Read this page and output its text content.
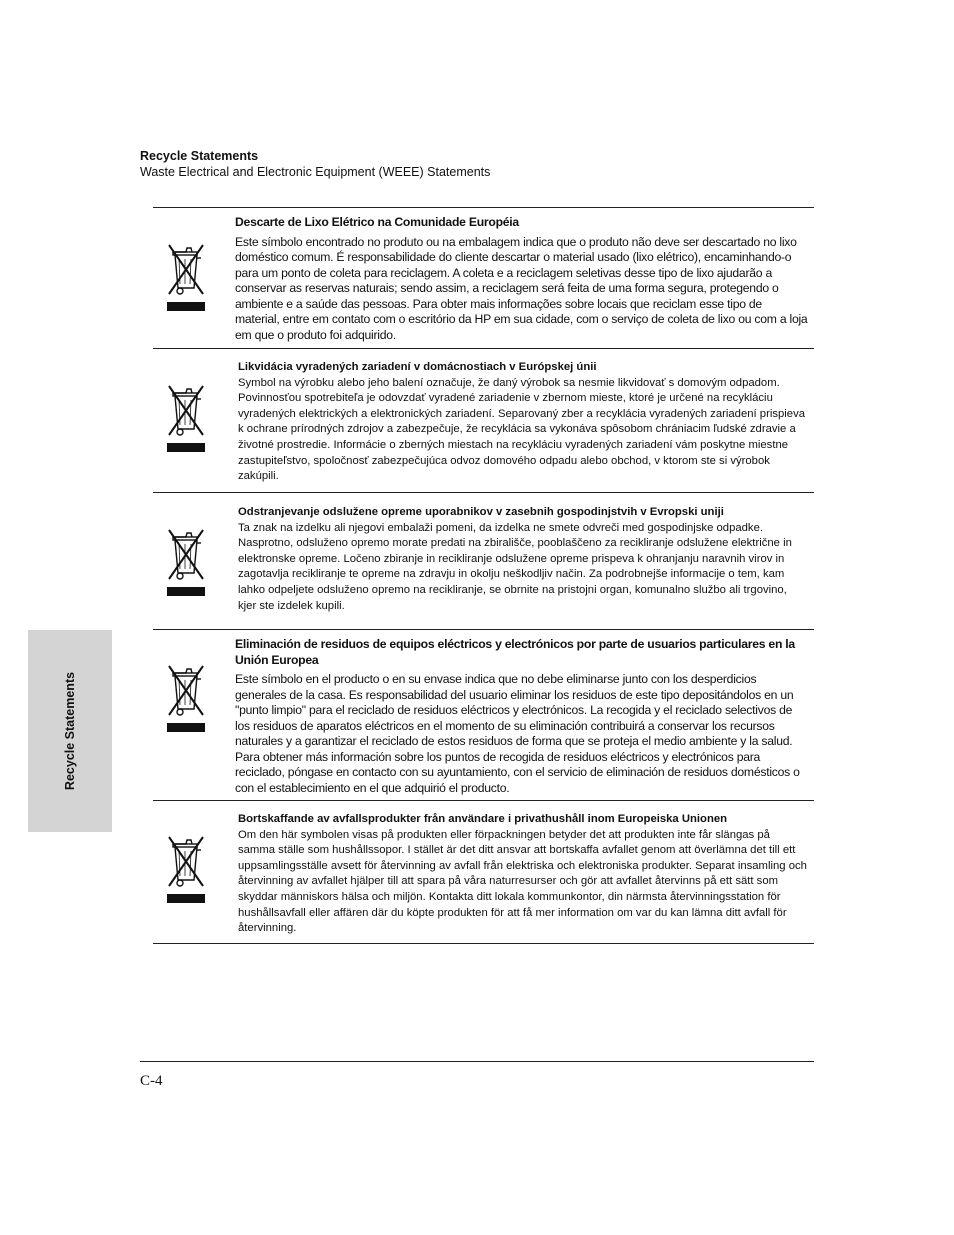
Recycle Statements

Waste Electrical and Electronic Equipment (WEEE) Statements

Recycle Statements

Descarte de Lixo Elétrico na Comunidade Européia

Este símbolo encontrado no produto ou na embalagem indica que o produto não deve ser descartado no lixo doméstico comum. É responsabilidade do cliente descartar o material usado (lixo elétrico), encaminhando-o para um ponto de coleta para reciclagem. A coleta e a reciclagem seletivas desse tipo de lixo ajudarão a conservar as reservas naturais; sendo assim, a reciclagem será feita de uma forma segura, protegendo o ambiente e a saúde das pessoas. Para obter mais informações sobre locais que reciclam esse tipo de material, entre em contato com o escritório da HP em sua cidade, com o serviço de coleta de lixo ou com a loja em que o produto foi adquirido.

Likvidácia vyradených zariadení v domácnostiach v Európskej únii

Symbol na výrobku alebo jeho balení označuje, že daný výrobok sa nesmie likvidovať s domovým odpadom. Povinnosťou spotrebiteľa je odovzdať vyradené zariadenie v zbernom mieste, ktoré je určené na recykláciu vyradených elektrických a elektronických zariadení. Separovaný zber a recyklácia vyradených zariadení prispieva k ochrane prírodných zdrojov a zabezpečuje, že recyklácia sa vykonáva spôsobom chrániacim ľudské zdravie a životné prostredie. Informácie o zberných miestach na recykláciu vyradených zariadení vám poskytne miestne zastupiteľstvo, spoločnosť zabezpečujúca odvoz domového odpadu alebo obchod, v ktorom ste si výrobok zakúpili.

Odstranjevanje odslužene opreme uporabnikov v zasebnih gospodinjstvih v Evropski uniji

Ta znak na izdelku ali njegovi embalaži pomeni, da izdelka ne smete odvreči med gospodinjske odpadke. Nasprotno, odsluženo opremo morate predati na zbirališče, pooblaščeno za recikliranje odslužene električne in elektronske opreme. Ločeno zbiranje in recikliranje odslužene opreme prispeva k ohranjanju naravnih virov in zagotavlja recikliranje te opreme na zdravju in okolju neškodljiv način. Za podrobnejše informacije o tem, kam lahko odpeljete odsluženo opremo na recikliranje, se obrnite na pristojni organ, komunalno službo ali trgovino, kjer ste izdelek kupili.

Eliminación de residuos de equipos eléctricos y electrónicos por parte de usuarios particulares en la Unión Europea

Este símbolo en el producto o en su envase indica que no debe eliminarse junto con los desperdicios generales de la casa. Es responsabilidad del usuario eliminar los residuos de este tipo depositándolos en un "punto limpio" para el reciclado de residuos eléctricos y electrónicos. La recogida y el reciclado selectivos de los residuos de aparatos eléctricos en el momento de su eliminación contribuirá a conservar los recursos naturales y a garantizar el reciclado de estos residuos de forma que se proteja el medio ambiente y la salud. Para obtener más información sobre los puntos de recogida de residuos eléctricos y electrónicos para reciclado, póngase en contacto con su ayuntamiento, con el servicio de eliminación de residuos domésticos o con el establecimiento en el que adquirió el producto.

Bortskaffande av avfallsprodukter från användare i privathushåll inom Europeiska Unionen

Om den här symbolen visas på produkten eller förpackningen betyder det att produkten inte får slängas på samma ställe som hushållssopor. I stället är det ditt ansvar att bortskaffa avfallet genom att överlämna det till ett uppsamlingsställe avsett för återvinning av avfall från elektriska och elektroniska produkter. Separat insamling och återvinning av avfallet hjälper till att spara på våra naturresurser och gör att avfallet återvinns på ett sätt som skyddar människors hälsa och miljön. Kontakta ditt lokala kommunkontor, din närmsta återvinningsstation för hushållsavfall eller affären där du köpte produkten för att få mer information om var du kan lämna ditt avfall för återvinning.

C-4
